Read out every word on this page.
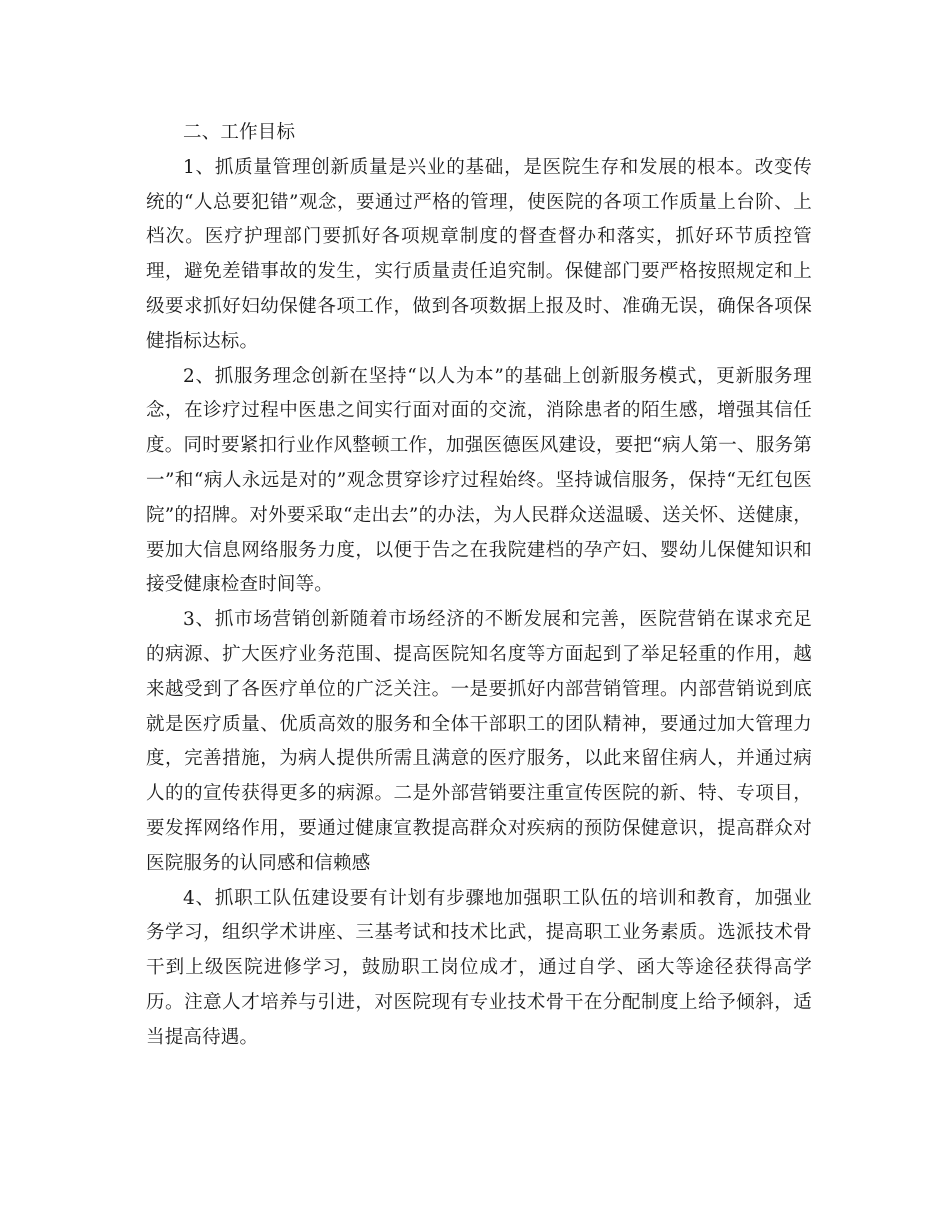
二、工作目标

1、抓质量管理创新质量是兴业的基础，是医院生存和发展的根本。改变传统的“人总要犯错”观念，要通过严格的管理，使医院的各项工作质量上台阶、上档次。医疗护理部门要抓好各项规章制度的督查督办和落实，抓好环节质控管理，避免差错事故的发生，实行质量责任追究制。保健部门要严格按照规定和上级要求抓好妇幼保健各项工作，做到各项数据上报及时、准确无误，确保各项保健指标达标。

2、抓服务理念创新在坚持“以人为本”的基础上创新服务模式，更新服务理念，在诊疗过程中医患之间实行面对面的交流，消除患者的陌生感，增强其信任度。同时要紧扣行业作风整顿工作，加强医德医风建设，要把“病人第一、服务第一”和“病人永远是对的”观念贯穿诊疗过程始终。坚持诚信服务，保持“无红包医院”的招牌。对外要采取“走出去”的办法，为人民群众送温暖、送关怀、送健康，要加大信息网络服务力度，以便于告之在我院建档的孕产妇、婴幼儿保健知识和接受健康检查时间等。

3、抓市场营销创新随着市场经济的不断发展和完善，医院营销在谋求充足的病源、扩大医疗业务范围、提高医院知名度等方面起到了举足轻重的作用，越来越受到了各医疗单位的广泛关注。一是要抓好内部营销管理。内部营销说到底就是医疗质量、优质高效的服务和全体干部职工的团队精神，要通过加大管理力度，完善措施，为病人提供所需且满意的医疗服务，以此来留住病人，并通过病人的的宣传获得更多的病源。二是外部营销要注重宣传医院的新、特、专项目，要发挥网络作用，要通过健康宣教提高群众对疾病的预防保健意识，提高群众对医院服务的认同感和信赖感

4、抓职工队伍建设要有计划有步骤地加强职工队伍的培训和教育，加强业务学习，组织学术讲座、三基考试和技术比武，提高职工业务素质。选派技术骨干到上级医院进修学习，鼓励职工岗位成才，通过自学、函大等途径获得高学历。注意人才培养与引进，对医院现有专业技术骨干在分配制度上给予倾斜，适当提高待遇。
